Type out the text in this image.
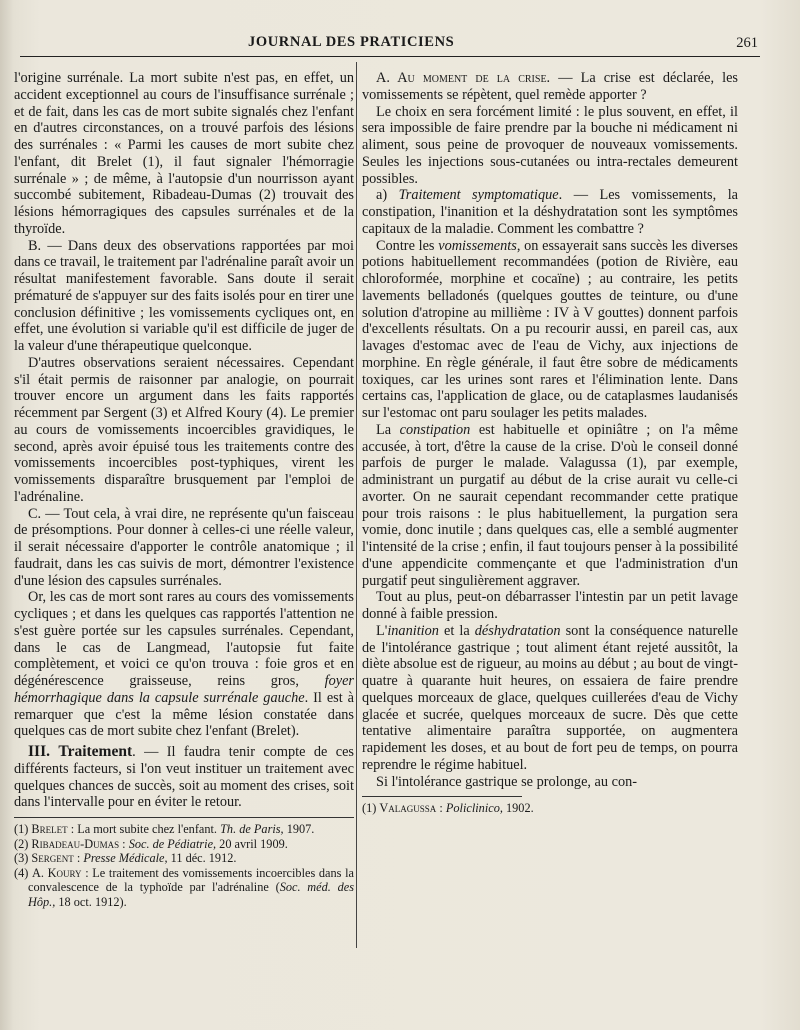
JOURNAL DES PRATICIENS	261

l'origine surrénale. La mort subite n'est pas, en effet, un accident exceptionnel au cours de l'insuffisance surrénale ; et de fait, dans les cas de mort subite signalés chez l'enfant en d'autres circonstances, on a trouvé parfois des lésions des surrénales : « Parmi les causes de mort subite chez l'enfant, dit Brelet (1), il faut signaler l'hémorragie surrénale » ; de même, à l'autopsie d'un nourrisson ayant succombé subitement, Ribadeau-Dumas (2) trouvait des lésions hémorragiques des capsules surrénales et de la thyroïde.

B. — Dans deux des observations rapportées par moi dans ce travail, le traitement par l'adrénaline paraît avoir un résultat manifestement favorable. Sans doute il serait prématuré de s'appuyer sur des faits isolés pour en tirer une conclusion définitive ; les vomissements cycliques ont, en effet, une évolution si variable qu'il est difficile de juger de la valeur d'une thérapeutique quelconque.

D'autres observations seraient nécessaires. Cependant s'il était permis de raisonner par analogie, on pourrait trouver encore un argument dans les faits rapportés récemment par Sergent (3) et Alfred Koury (4). Le premier au cours de vomissements incoercibles gravidiques, le second, après avoir épuisé tous les traitements contre des vomissements incoercibles post-typhiques, virent les vomissements disparaître brusquement par l'emploi de l'adrénaline.

C. — Tout cela, à vrai dire, ne représente qu'un faisceau de présomptions. Pour donner à celles-ci une réelle valeur, il serait nécessaire d'apporter le contrôle anatomique ; il faudrait, dans les cas suivis de mort, démontrer l'existence d'une lésion des capsules surrénales.

Or, les cas de mort sont rares au cours des vomissements cycliques ; et dans les quelques cas rapportés l'attention ne s'est guère portée sur les capsules surrénales. Cependant, dans le cas de Langmead, l'autopsie fut faite complètement, et voici ce qu'on trouva : foie gros et en dégénérescence graisseuse, reins gros, foyer hémorrhagique dans la capsule surrénale gauche. Il est à remarquer que c'est la même lésion constatée dans quelques cas de mort subite chez l'enfant (Brelet).

III. Traitement. — Il faudra tenir compte de ces différents facteurs, si l'on veut instituer un traitement avec quelques chances de succès, soit au moment des crises, soit dans l'intervalle pour en éviter le retour.

(1) Brelet : La mort subite chez l'enfant. Th. de Paris, 1907.
(2) Ribadeau-Dumas : Soc. de Pédiatrie, 20 avril 1909.
(3) Sergent : Presse Médicale, 11 déc. 1912.
(4) A. Koury : Le traitement des vomissements incoercibles dans la convalescence de la typhoïde par l'adrénaline (Soc. méd. des Hôp., 18 oct. 1912).

A. Au moment de la crise. — La crise est déclarée, les vomissements se répètent, quel remède apporter ?

Le choix en sera forcément limité : le plus souvent, en effet, il sera impossible de faire prendre par la bouche ni médicament ni aliment, sous peine de provoquer de nouveaux vomissements. Seules les injections sous-cutanées ou intra-rectales demeurent possibles.

a) Traitement symptomatique. — Les vomissements, la constipation, l'inanition et la déshydratation sont les symptômes capitaux de la maladie. Comment les combattre ?

Contre les vomissements, on essayerait sans succès les diverses potions habituellement recommandées (potion de Rivière, eau chloroformée, morphine et cocaïne) ; au contraire, les petits lavements belladonés (quelques gouttes de teinture, ou d'une solution d'atropine au millième : IV à V gouttes) donnent parfois d'excellents résultats. On a pu recourir aussi, en pareil cas, aux lavages d'estomac avec de l'eau de Vichy, aux injections de morphine. En règle générale, il faut être sobre de médicaments toxiques, car les urines sont rares et l'élimination lente. Dans certains cas, l'application de glace, ou de cataplasmes laudanisés sur l'estomac ont paru soulager les petits malades.

La constipation est habituelle et opiniâtre ; on l'a même accusée, à tort, d'être la cause de la crise. D'où le conseil donné parfois de purger le malade. Valagussa (1), par exemple, administrant un purgatif au début de la crise aurait vu celle-ci avorter. On ne saurait cependant recommander cette pratique pour trois raisons : le plus habituellement, la purgation sera vomie, donc inutile ; dans quelques cas, elle a semblé augmenter l'intensité de la crise ; enfin, il faut toujours penser à la possibilité d'une appendicite commençante et que l'administration d'un purgatif peut singulièrement aggraver.

Tout au plus, peut-on débarrasser l'intestin par un petit lavage donné à faible pression.

L'inanition et la déshydratation sont la conséquence naturelle de l'intolérance gastrique ; tout aliment étant rejeté aussitôt, la diète absolue est de rigueur, au moins au début ; au bout de vingt-quatre à quarante huit heures, on essaiera de faire prendre quelques morceaux de glace, quelques cuillerées d'eau de Vichy glacée et sucrée, quelques morceaux de sucre. Dès que cette tentative alimentaire paraîtra supportée, on augmentera rapidement les doses, et au bout de fort peu de temps, on pourra reprendre le régime habituel.

Si l'intolérance gastrique se prolonge, au con-

(1) Valagussa : Policlinico, 1902.
